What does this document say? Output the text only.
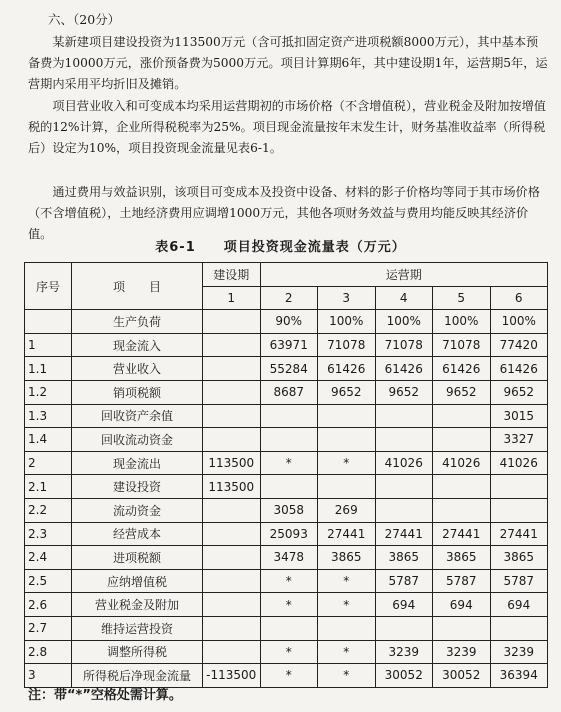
六、（20分）

某新建项目建设投资为113500万元（含可抵扣固定资产进项税额8000万元），其中基本预备费为10000万元，涨价预备费为5000万元。项目计算期6年，其中建设期1年，运营期5年，运营期内采用平均折旧及摊销。

项目营业收入和可变成本均采用运营期初的市场价格（不含增值税），营业税金及附加按增值税的12%计算，企业所得税税率为25%。项目现金流量按年末发生计，财务基准收益率（所得税后）设定为10%，项目投资现金流量见表6-1。

通过费用与效益识别，该项目可变成本及投资中设备、材料的影子价格均等同于其市场价格（不含增值税），土地经济费用应调增1000万元，其他各项财务效益与费用均能反映其经济价值。

表6-1　　项目投资现金流量表（万元）
序号	项　　目	建设期	运营期				
		1	2	3	4	5	6
	生产负荷		90%	100%	100%	100%	100%
1	现金流入		63971	71078	71078	71078	77420
1.1	营业收入		55284	61426	61426	61426	61426
1.2	销项税额		8687	9652	9652	9652	9652
1.3	回收资产余值						3015
1.4	回收流动资金						3327
2	现金流出	113500	*	*	41026	41026	41026
2.1	建设投资	113500					
2.2	流动资金		3058	269			
2.3	经营成本		25093	27441	27441	27441	27441
2.4	进项税额		3478	3865	3865	3865	3865
2.5	应纳增值税		*	*	5787	5787	5787
2.6	营业税金及附加		*	*	694	694	694
2.7	维持运营投资						
2.8	调整所得税		*	*	3239	3239	3239
3	所得税后净现金流量	-113500	*	*	30052	30052	36394
注：带“*”空格处需计算。
